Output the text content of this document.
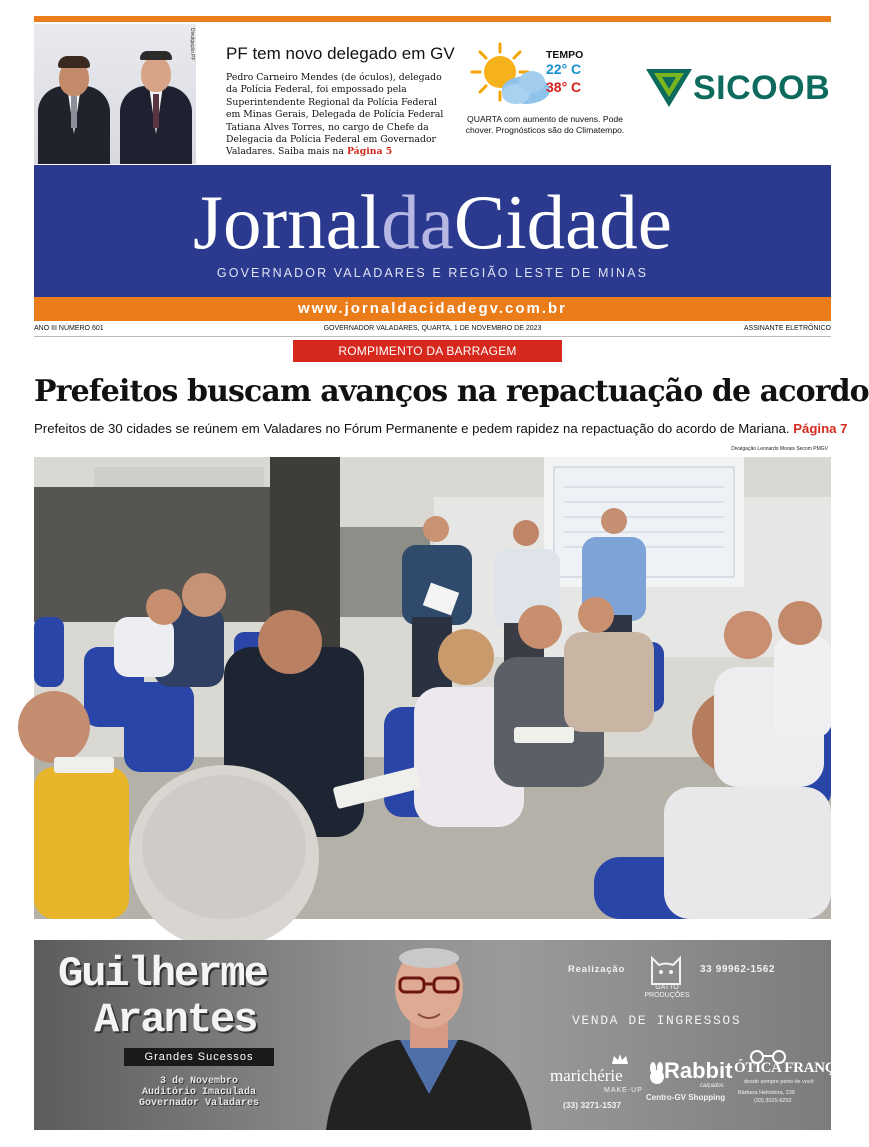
Divulgação PF PF tem novo delegado em GV

Pedro Carneiro Mendes (de óculos), delegado da Polícia Federal, foi empossado pela Superintendente Regional da Polícia Federal em Minas Gerais, Delegada de Polícia Federal Tatiana Alves Torres, no cargo de Chefe da Delegacia da Polícia Federal em Governador Valadares. Saiba mais na Página 5

TEMPO
22° C
38° C
QUARTA com aumento de nuvens. Pode chover. Prognósticos são do Climatempo.
SICOOB
JornaldaCidade
GOVERNADOR VALADARES E REGIÃO LESTE DE MINAS
www.jornaldacidadegv.com.br
ANO III NÚMERO 601	GOVERNADOR VALADARES, QUARTA, 1 DE NOVEMBRO DE 2023	ASSINANTE ELETRÔNICO
ROMPIMENTO DA BARRAGEM
Prefeitos buscam avanços na repactuação de acordo

Prefeitos de 30 cidades se reúnem em Valadares no Fórum Permanente e pedem rapidez na repactuação do acordo de Mariana. Página 7

Divulgação Leonardo Morais Secom PMGV
Guilherme
Arantes
Grandes Sucessos
3 de Novembro
Auditório Imaculada
Governador Valadares
Realização
GATTO PRODUÇÕES
33 99962-1562
VENDA DE INGRESSOS
marichérie
MAKE-UP
(33) 3271-1537
Rabbit
calçados
Centro-GV Shopping
ÓTICA FRANÇA
desde sempre perto de você
Bárbara Heliodora, 239
(33) 3025-6252
